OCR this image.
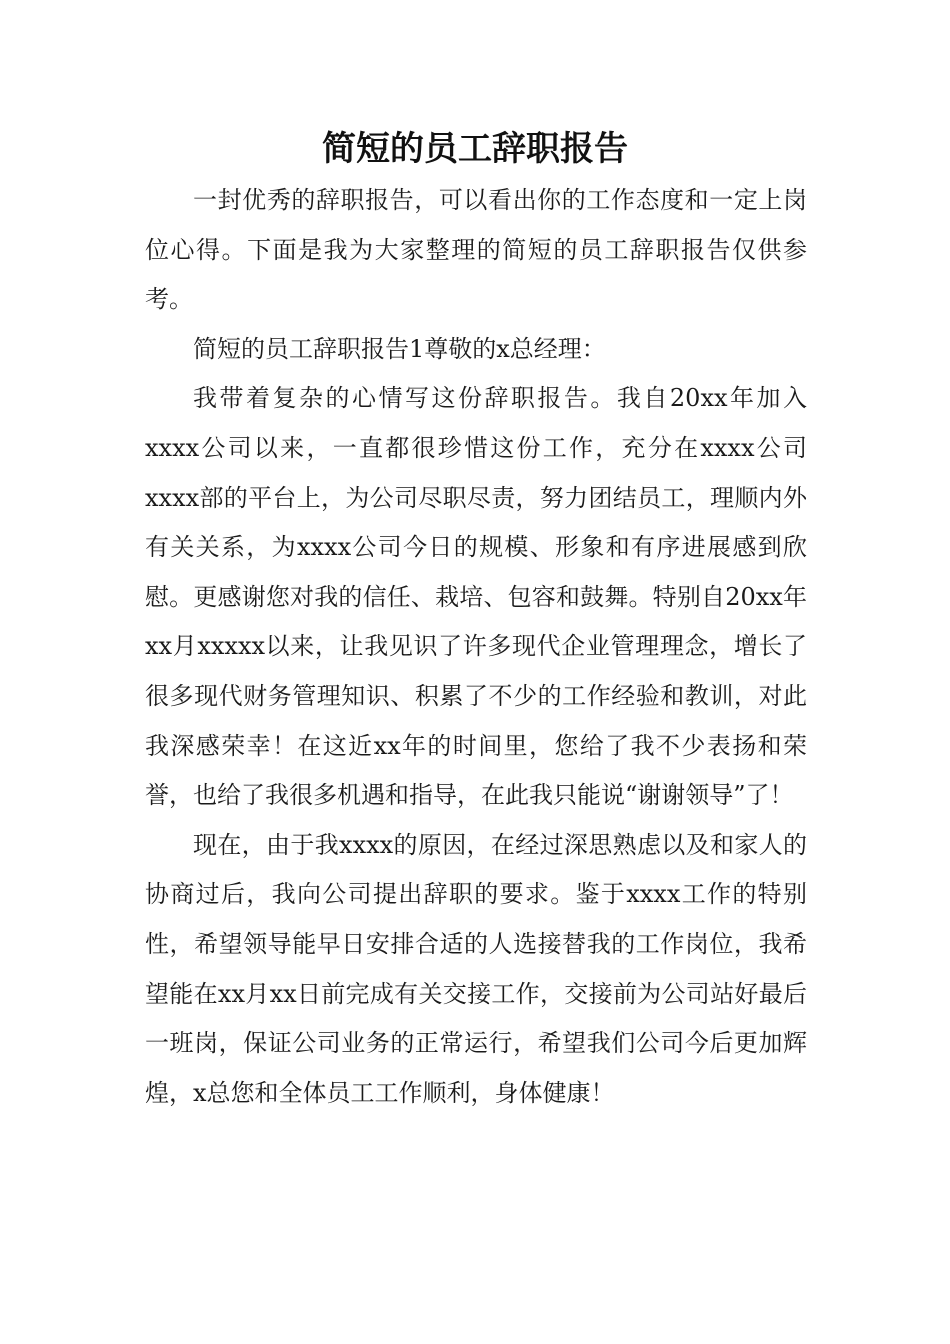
简短的员工辞职报告

一封优秀的辞职报告，可以看出你的工作态度和一定上岗位心得。下面是我为大家整理的简短的员工辞职报告仅供参考。

简短的员工辞职报告1尊敬的x总经理：

我带着复杂的心情写这份辞职报告。我自20xx年加入xxxx公司以来，一直都很珍惜这份工作，充分在xxxx公司xxxx部的平台上，为公司尽职尽责，努力团结员工，理顺内外有关关系，为xxxx公司今日的规模、形象和有序进展感到欣慰。更感谢您对我的信任、栽培、包容和鼓舞。特别自20xx年xx月xxxxx以来，让我见识了许多现代企业管理理念，增长了很多现代财务管理知识、积累了不少的工作经验和教训，对此我深感荣幸！在这近xx年的时间里，您给了我不少表扬和荣誉，也给了我很多机遇和指导，在此我只能说“谢谢领导”了！

现在，由于我xxxx的原因，在经过深思熟虑以及和家人的协商过后，我向公司提出辞职的要求。鉴于xxxx工作的特别性，希望领导能早日安排合适的人选接替我的工作岗位，我希望能在xx月xx日前完成有关交接工作，交接前为公司站好最后一班岗，保证公司业务的正常运行，希望我们公司今后更加辉煌，x总您和全体员工工作顺利，身体健康！
